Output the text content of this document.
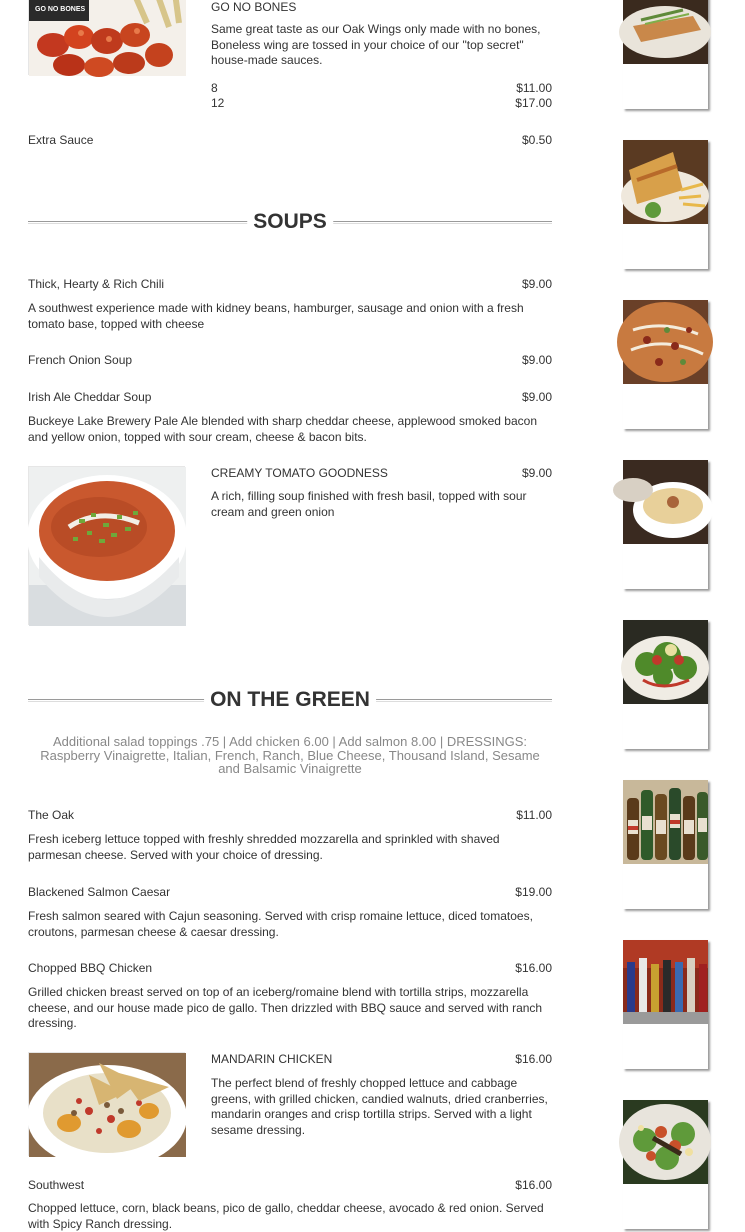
GO NO BONES	GO NO BONES
Same great taste as our Oak Wings only made with no bones, Boneless wing are tossed in your choice of our "top secret" house-made sauces.
8	$11.00
12	$17.00
Extra Sauce	$0.50
SOUPS
Thick, Hearty & Rich Chili	$9.00
A southwest experience made with kidney beans, hamburger, sausage and onion with a fresh tomato base, topped with cheese
French Onion Soup	$9.00
Irish Ale Cheddar Soup	$9.00
Buckeye Lake Brewery Pale Ale blended with sharp cheddar cheese, applewood smoked bacon and yellow onion, topped with sour cream, cheese & bacon bits.
CREAMY TOMATO GOODNESS	$9.00
A rich, filling soup finished with fresh basil, topped with sour cream and green onion
ON THE GREEN
Additional salad toppings .75 | Add chicken 6.00 | Add salmon 8.00 | DRESSINGS: Raspberry Vinaigrette, Italian, French, Ranch, Blue Cheese, Thousand Island, Sesame and Balsamic Vinaigrette
The Oak	$11.00
Fresh iceberg lettuce topped with freshly shredded mozzarella and sprinkled with shaved parmesan cheese. Served with your choice of dressing.
Blackened Salmon Caesar	$19.00
Fresh salmon seared with Cajun seasoning. Served with crisp romaine lettuce, diced tomatoes, croutons, parmesan cheese & caesar dressing.
Chopped BBQ Chicken	$16.00
Grilled chicken breast served on top of an iceberg/romaine blend with tortilla strips, mozzarella cheese, and our house made pico de gallo. Then drizzled with BBQ sauce and served with ranch dressing.
MANDARIN CHICKEN	$16.00
The perfect blend of freshly chopped lettuce and cabbage greens, with grilled chicken, candied walnuts, dried cranberries, mandarin oranges and crisp tortilla strips. Served with a light sesame dressing.
Southwest	$16.00
Chopped lettuce, corn, black beans, pico de gallo, cheddar cheese, avocado & red onion. Served with Spicy Ranch dressing.
